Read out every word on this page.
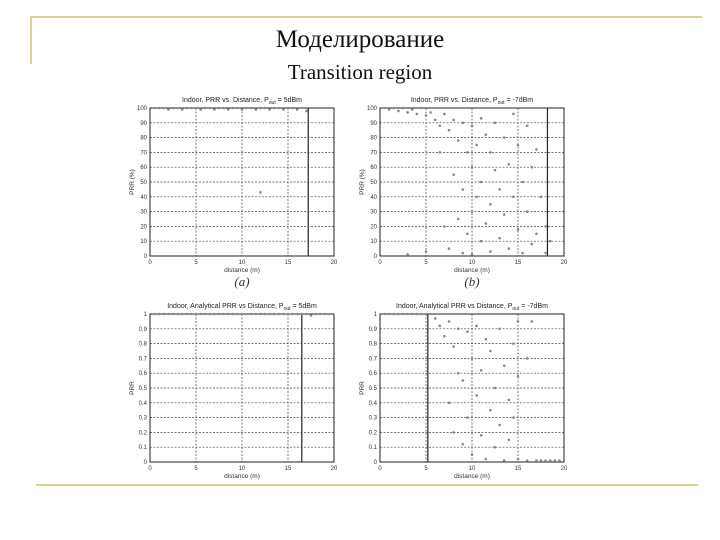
Моделирование
Transition region
0
10
20
30
40
50
60
70
80
90
100
0	5	10	15	20
distance (m)
PRR (%)
Indoor, PRR vs. Distance, $P_{out} = 5dBm$
(a)
0
10
20
30
40
50
60
70
80
90
100
0	5	10	15	20
distance (m)
PRR (%)
Indoor, PRR vs. Distance, $P_{out} = -7dBm$
(b)
0
0.1
0.2
0.3
0.4
0.5
0.6
0.7
0.8
0.9
1
0	5	10	15	20
distance (m)
PRR
Indoor, Analytical PRR vs Distance, $P_{out} = 5dBm$
0
0.1
0.2
0.3
0.4
0.5
0.6
0.7
0.8
0.9
1
0	5	10	15	20
distance (m)
PRR
Indoor, Analytical PRR vs Distance, $P_{out} = -7dBm$
